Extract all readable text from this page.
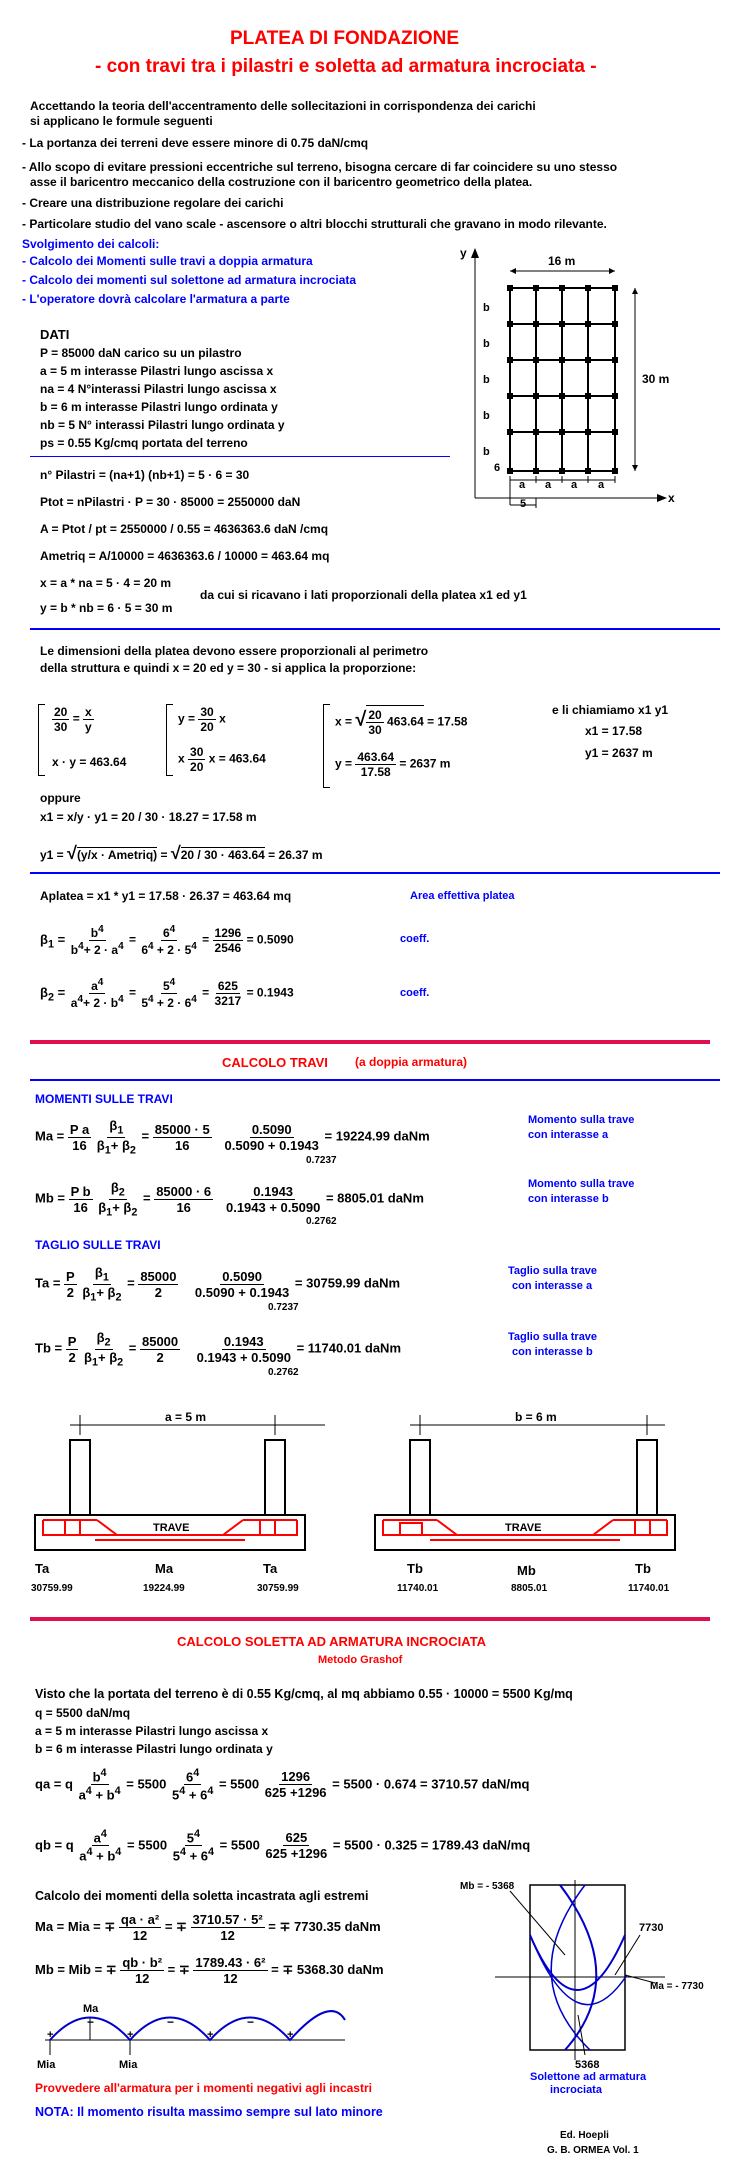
PLATEA DI FONDAZIONE
- con travi tra i pilastri e soletta ad armatura incrociata -
Accettando la teoria dell'accentramento delle sollecitazioni in corrispondenza dei carichi
si applicano le formule seguenti
- La portanza dei terreni deve essere minore di 0.75 daN/cmq
- Allo scopo di evitare pressioni eccentriche sul terreno, bisogna cercare di far coincidere su uno stesso
asse il baricentro meccanico della costruzione con il baricentro geometrico della platea.
- Creare una distribuzione regolare dei carichi
- Particolare studio del vano scale - ascensore o altri blocchi strutturali che gravano in modo rilevante.
Svolgimento dei calcoli:
- Calcolo dei Momenti sulle travi a doppia armatura
- Calcolo dei momenti sul solettone ad armatura incrociata
- L'operatore dovrà calcolare l'armatura a parte
DATI
P = 85000 daN carico su un pilastro
a = 5 m interasse Pilastri lungo ascissa x
na = 4 N°interassi Pilastri lungo ascissa x
b = 6 m interasse Pilastri lungo ordinata y
nb = 5 N° interassi Pilastri lungo ordinata y
ps = 0.55 Kg/cmq portata del terreno
y
x
16 m
30 m
b
b
b
b
b
6
a a a a
5
n° Pilastri = (na+1) (nb+1) = 5 · 6 = 30
Ptot = nPilastri · P = 30 · 85000 = 2550000 daN
A = Ptot / pt = 2550000 / 0.55 = 4636363.6 daN /cmq
Ametriq = A/10000 = 4636363.6 / 10000 = 463.64 mq
x = a * na = 5 · 4 = 20 m
y = b * nb = 6 · 5 = 30 m
da cui si ricavano i lati proporzionali della platea x1 ed y1
Le dimensioni della platea devono essere proporzionali al perimetro
della struttura e quindi x = 20 ed y = 30 - si applica la proporzione:
$\frac{20}{30} = \frac{x}{y}$
x · y = 463.64
$y = \frac{30}{20}$ x
x $\frac{30}{20}$ x = 463.64
x = √ $\frac{20}{30} 463.64 = 17.58$
$y = \frac{463.64}{17.58} = 2637$ m
e li chiamiamo x1 y1
x1 = 17.58
y1 = 2637 m
oppure
x1 = x/y · y1 = 20 / 30 · 18.27 = 17.58 m
y1 = √(y/x · Ametriq) = √20 / 30 · 463.64 = 26.37 m
Aplatea = x1 * y1 = 17.58 · 26.37 = 463.64 mq	Area effettiva platea
$\beta_1 = \frac{b^4}{b^4+ 2 \cdot a^4} = \frac{6^4}{6^4 + 2 \cdot 5^4} = \frac{1296}{2546} = 0.5090$	coeff.
$\beta_2 = \frac{a^4}{a^4+ 2 \cdot b^4} = \frac{5^4}{5^4 + 2 \cdot 6^4} = \frac{625}{3217} = 0.1943$	coeff.
CALCOLO TRAVI (a doppia armatura)
MOMENTI SULLE TRAVI
$Ma = \frac{\text{P a}}{16}$
$\frac{\beta_1}{\beta_1+ \beta_2} = \frac{85000 \cdot 5}{16}$
$\frac{0.5090}{0.5090 + 0.1943} = 19224.99$ daNm
0.7237
Momento sulla trave
con interasse a
$Mb = \frac{\text{P b}}{16}$
$\frac{\beta_2}{\beta_1+ \beta_2} = \frac{85000 \cdot 6}{16}$
$\frac{0.1943}{0.1943 + 0.5090} = 8805.01$ daNm
0.2762
Momento sulla trave
con interasse b
TAGLIO SULLE TRAVI
$Ta = \frac{P}{2}$
$\frac{\beta_1}{\beta_1+ \beta_2} = \frac{85000}{2}$
$\frac{0.5090}{0.5090 + 0.1943} = 30759.99$ daNm
0.7237
Taglio sulla trave
con interasse a
$Tb = \frac{P}{2}$
$\frac{\beta_2}{\beta_1+ \beta_2} = \frac{85000}{2}$
$\frac{0.1943}{0.1943 + 0.5090} = 11740.01$ daNm
0.2762
Taglio sulla trave
con interasse b
a = 5 m
TRAVE
Ta	Ma	Ta
30759.99	19224.99	30759.99
b = 6 m
TRAVE
Tb	Mb	Tb
11740.01	8805.01	11740.01
CALCOLO SOLETTA AD ARMATURA INCROCIATA
Metodo Grashof
Visto che la portata del terreno è di 0.55 Kg/cmq, al mq abbiamo 0.55 · 10000 = 5500 Kg/mq
q = 5500 daN/mq
a = 5 m interasse Pilastri lungo ascissa x
b = 6 m interasse Pilastri lungo ordinata y
qa = q $\frac{b^4}{a^4 + b^4} = 5500 \frac{6^4}{5^4 + 6^4} = 5500 \frac{1296}{625 +1296} = 5500 \cdot 0.674 = 3710.57$ daN/mq
qb = q $\frac{a^4}{a^4 + b^4} = 5500 \frac{5^4}{5^4 + 6^4} = 5500 \frac{625}{625 +1296} = 5500 \cdot 0.325 = 1789.43$ daN/mq
Calcolo dei momenti della soletta incastrata agli estremi
Ma = Mia = ∓ $\frac{\text{qa · a²}}{12}$ = ∓ $\frac{\text{3710.57 · 5²}}{12}$ = ∓ 7730.35 daNm
Mb = Mib = ∓ $\frac{\text{qb · b²}}{12}$ = ∓ $\frac{\text{1789.43 · 6²}}{12}$ = ∓ 5368.30 daNm
Ma
−	−	−
+	+	+	+
Mia	Mia
Provvedere all'armatura per i momenti negativi agli incastri
NOTA: Il momento risulta massimo sempre sul lato minore
Mb = - 5368
7730
Ma = - 7730
5368
Solettone ad armatura
incrociata
Ed. Hoepli
G. B. ORMEA Vol. 1
